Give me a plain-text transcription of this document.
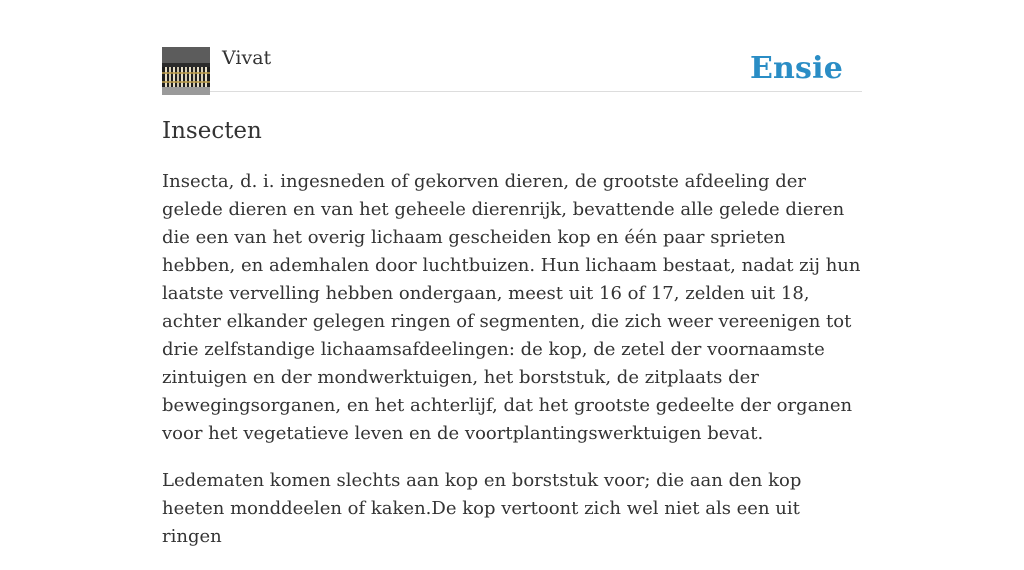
Vivat	Ensie
Insecten

Insecta, d. i. ingesneden of gekorven dieren, de grootste afdeeling der gelede dieren en van het geheele dierenrijk, bevattende alle gelede dieren die een van het overig lichaam gescheiden kop en één paar sprieten hebben, en ademhalen door luchtbuizen. Hun lichaam bestaat, nadat zij hun laatste vervelling hebben ondergaan, meest uit 16 of 17, zelden uit 18, achter elkander gelegen ringen of segmenten, die zich weer vereenigen tot drie zelfstandige lichaamsafdeelingen: de kop, de zetel der voornaamste zintuigen en der mondwerktuigen, het borststuk, de zitplaats der bewegingsorganen, en het achterlijf, dat het grootste gedeelte der organen voor het vegetatieve leven en de voortplantingswerktuigen bevat.

Ledematen komen slechts aan kop en borststuk voor; die aan den kop heeten monddeelen of kaken.De kop vertoont zich wel niet als een uit ringen
